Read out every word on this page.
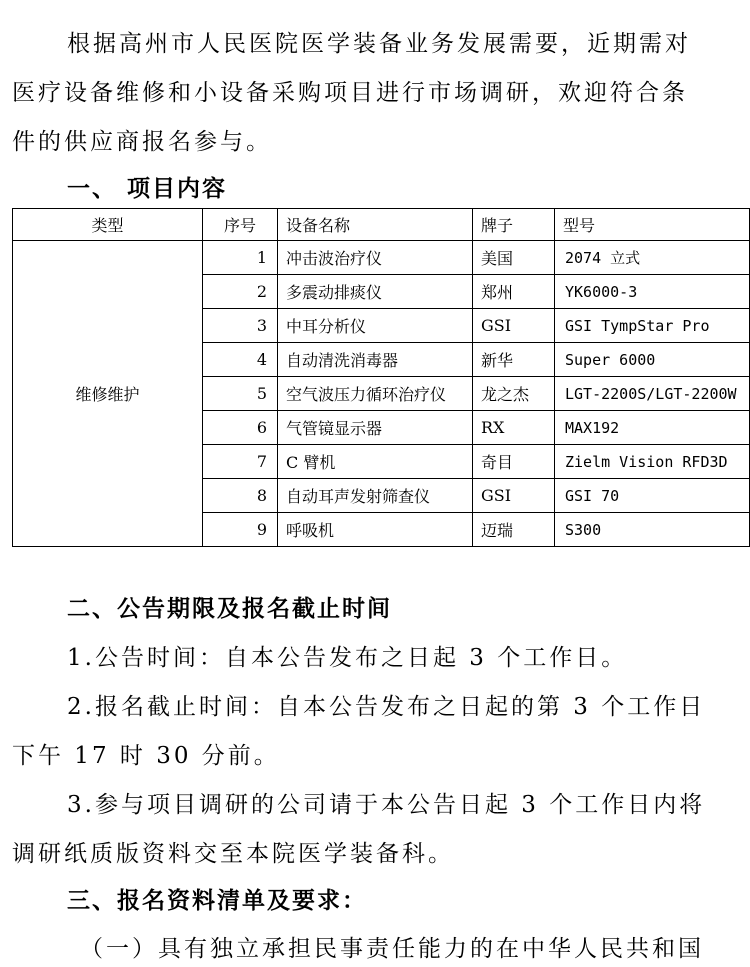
根据高州市人民医院医学装备业务发展需要，近期需对
医疗设备维修和小设备采购项目进行市场调研，欢迎符合条
件的供应商报名参与。
一、 项目内容
类型	序号	设备名称	牌子	型号
维修维护	1	冲击波治疗仪	美国	2074 立式
	2	多震动排痰仪	郑州	YK6000-3
	3	中耳分析仪	GSI	GSI TympStar Pro
	4	自动清洗消毒器	新华	Super 6000
	5	空气波压力循环治疗仪	龙之杰	LGT-2200S/LGT-2200W
	6	气管镜显示器	RX	MAX192
	7	C 臂机	奇目	Zielm Vision RFD3D
	8	自动耳声发射筛查仪	GSI	GSI 70
	9	呼吸机	迈瑞	S300
二、公告期限及报名截止时间
1.公告时间：自本公告发布之日起 3 个工作日。
2.报名截止时间：自本公告发布之日起的第 3 个工作日
下午 17 时 30 分前。
3.参与项目调研的公司请于本公告日起 3 个工作日内将
调研纸质版资料交至本院医学装备科。
三、报名资料清单及要求：
（一）具有独立承担民事责任能力的在中华人民共和国
